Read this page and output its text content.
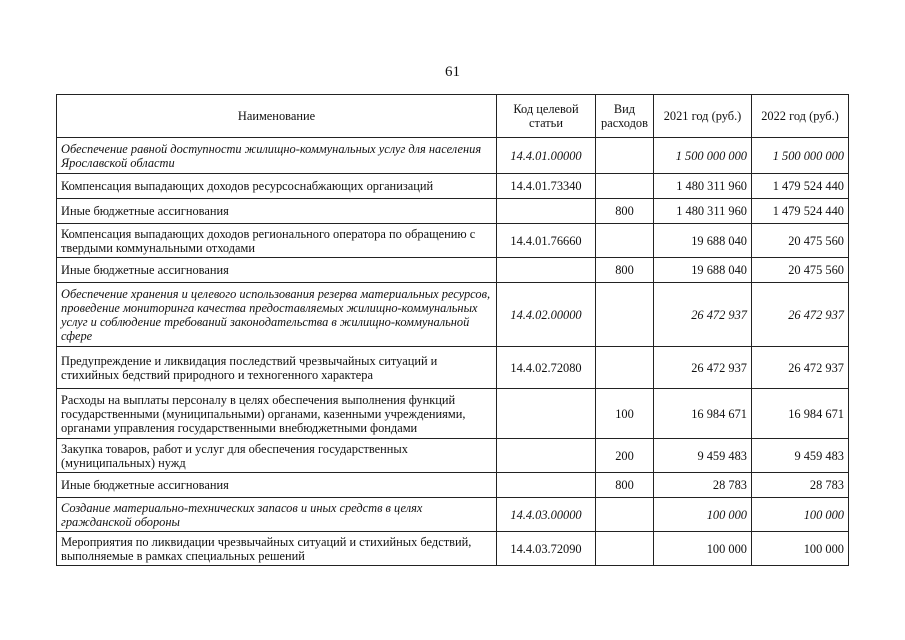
61
Наименование	Код целевой статьи	Вид расходов	2021 год (руб.)	2022 год (руб.)
Обеспечение равной доступности жилищно-коммунальных услуг для населения Ярославской области	14.4.01.00000		1 500 000 000	1 500 000 000
Компенсация выпадающих доходов ресурсоснабжающих организаций	14.4.01.73340		1 480 311 960	1 479 524 440
Иные бюджетные ассигнования		800	1 480 311 960	1 479 524 440
Компенсация выпадающих доходов регионального оператора по обращению с твердыми коммунальными отходами	14.4.01.76660		19 688 040	20 475 560
Иные бюджетные ассигнования		800	19 688 040	20 475 560
Обеспечение хранения и целевого использования резерва материальных ресурсов, проведение мониторинга качества предоставляемых жилищно-коммунальных услуг и соблюдение требований законодательства в жилищно-коммунальной сфере	14.4.02.00000		26 472 937	26 472 937
Предупреждение и ликвидация последствий чрезвычайных ситуаций и стихийных бедствий природного и техногенного характера	14.4.02.72080		26 472 937	26 472 937
Расходы на выплаты персоналу в целях обеспечения выполнения функций государственными (муниципальными) органами, казенными учреждениями, органами управления государственными внебюджетными фондами		100	16 984 671	16 984 671
Закупка товаров, работ и услуг для обеспечения государственных (муниципальных) нужд		200	9 459 483	9 459 483
Иные бюджетные ассигнования		800	28 783	28 783
Создание материально-технических запасов и иных средств в целях гражданской обороны	14.4.03.00000		100 000	100 000
Мероприятия по ликвидации чрезвычайных ситуаций и стихийных бедствий, выполняемые в рамках специальных решений	14.4.03.72090		100 000	100 000
